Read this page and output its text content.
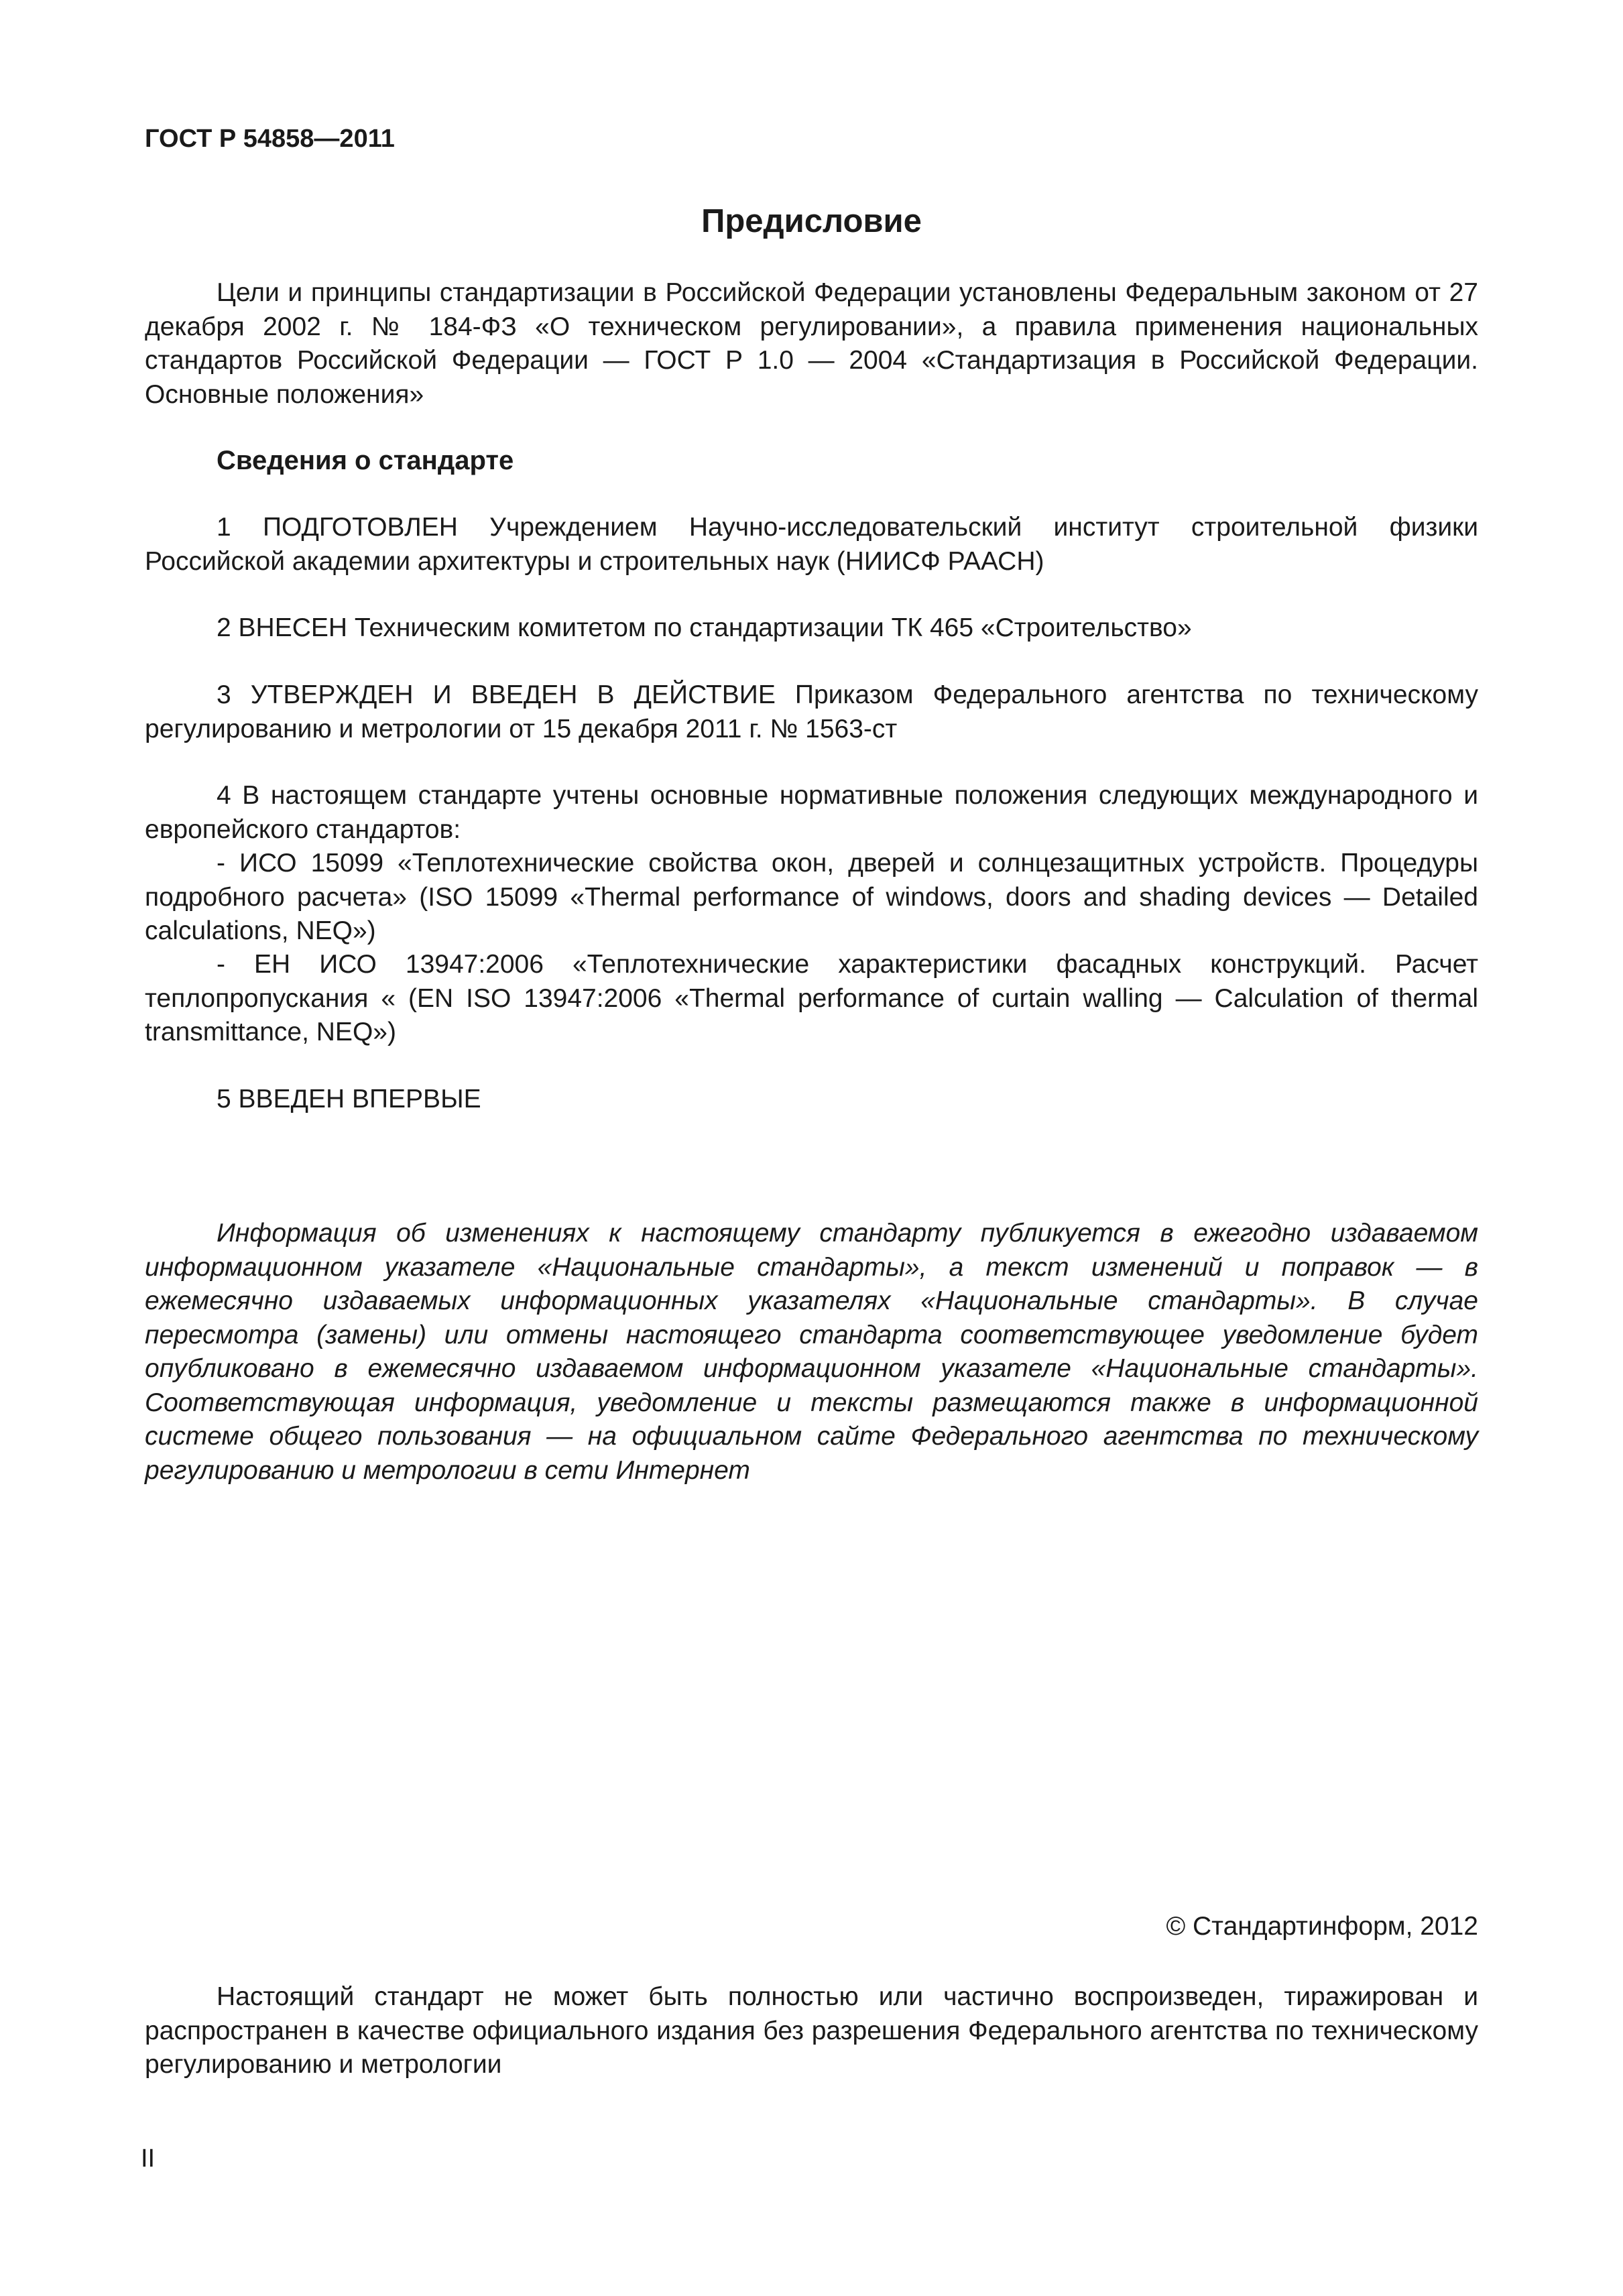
ГОСТ Р 54858—2011
Предисловие

Цели и принципы стандартизации в Российской Федерации установлены Федеральным законом от 27 декабря 2002 г. № 184-ФЗ «О техническом регулировании», а правила применения национальных стандартов Российской Федерации — ГОСТ Р 1.0 — 2004 «Стандартизация в Российской Федерации. Основные положения»

Сведения о стандарте

1 ПОДГОТОВЛЕН Учреждением Научно-исследовательский институт строительной физики Российской академии архитектуры и строительных наук (НИИСФ РААСН)

2 ВНЕСЕН Техническим комитетом по стандартизации ТК 465 «Строительство»

3 УТВЕРЖДЕН И ВВЕДЕН В ДЕЙСТВИЕ Приказом Федерального агентства по техническому регулированию и метрологии от 15 декабря 2011 г. № 1563-ст

4 В настоящем стандарте учтены основные нормативные положения следующих международного и европейского стандартов:

- ИСО 15099 «Теплотехнические свойства окон, дверей и солнцезащитных устройств. Процедуры подробного расчета» (ISO 15099 «Thermal performance of windows, doors and shading devices — Detailed calculations, NEQ»)

- ЕН ИСО 13947:2006 «Теплотехнические характеристики фасадных конструкций. Расчет теплопропускания « (EN ISO 13947:2006 «Thermal performance of curtain walling — Calculation of thermal transmittance, NEQ»)

5 ВВЕДЕН ВПЕРВЫЕ

Информация об изменениях к настоящему стандарту публикуется в ежегодно издаваемом информационном указателе «Национальные стандарты», а текст изменений и поправок — в ежемесячно издаваемых информационных указателях «Национальные стандарты». В случае пересмотра (замены) или отмены настоящего стандарта соответствующее уведомление будет опубликовано в ежемесячно издаваемом информационном указателе «Национальные стандарты». Соответствующая информация, уведомление и тексты размещаются также в информационной системе общего пользования — на официальном сайте Федерального агентства по техническому регулированию и метрологии в сети Интернет

© Стандартинформ, 2012

Настоящий стандарт не может быть полностью или частично воспроизведен, тиражирован и распространен в качестве официального издания без разрешения Федерального агентства по техническому регулированию и метрологии

II
